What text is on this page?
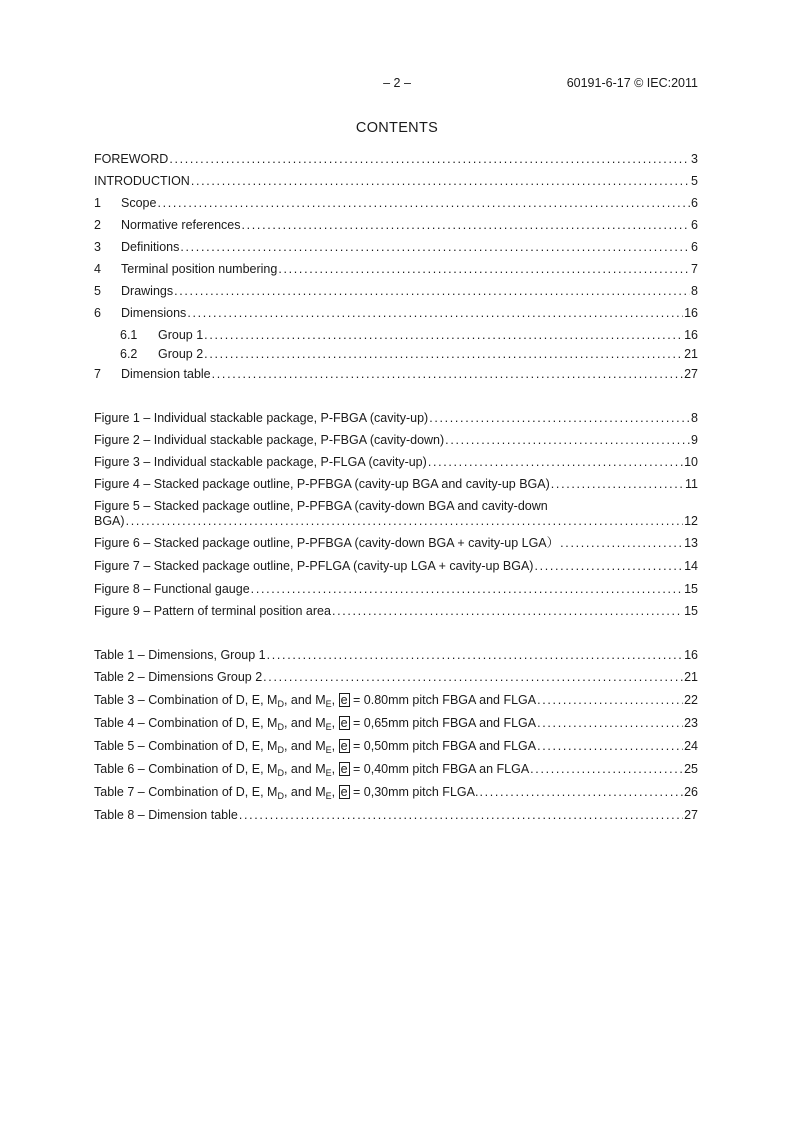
– 2 –	60191-6-17 © IEC:2011
CONTENTS
FOREWORD . . .	3
INTRODUCTION . . .	5
1 Scope . . .	6
2 Normative references . . .	6
3 Definitions . . .	6
4 Terminal position numbering . . .	7
5 Drawings . . .	8
6 Dimensions . . .	16
6.1 Group 1 . . .	16
6.2 Group 2 . . .	21
7 Dimension table . . .	27
Figure 1 – Individual stackable package, P-FBGA (cavity-up) . . .	8
Figure 2 – Individual stackable package, P-FBGA (cavity-down) . . .	9
Figure 3 – Individual stackable package, P-FLGA (cavity-up) . . .	10
Figure 4 – Stacked package outline, P-PFBGA (cavity-up BGA and cavity-up BGA) . . .	11
Figure 5 – Stacked package outline, P-PFBGA (cavity-down BGA and cavity-down
BGA) . . .	12
Figure 6 – Stacked package outline, P-PFBGA (cavity-down BGA + cavity-up LGA） . . .	13
Figure 7 – Stacked package outline, P-PFLGA (cavity-up LGA + cavity-up BGA) . . .	14
Figure 8 – Functional gauge . . .	15
Figure 9 – Pattern of terminal position area . . .	15
Table 1 – Dimensions, Group 1 . . .	16
Table 2 – Dimensions Group 2 . . .	21
Table 3 – Combination of D, E, $M_D$, and $M_E$, e = 0.80mm pitch FBGA and FLGA . . .	22
Table 4 – Combination of D, E, $M_D$, and $M_E$, e = 0,65mm pitch FBGA and FLGA . . .	23
Table 5 – Combination of D, E, $M_D$, and $M_E$, e = 0,50mm pitch FBGA and FLGA . . .	24
Table 6 – Combination of D, E, $M_D$, and $M_E$, e = 0,40mm pitch FBGA an FLGA . . .	25
Table 7 – Combination of D, E, $M_D$, and $M_E$, e = 0,30mm pitch FLGA. . . .	26
Table 8 – Dimension table . . .	27
